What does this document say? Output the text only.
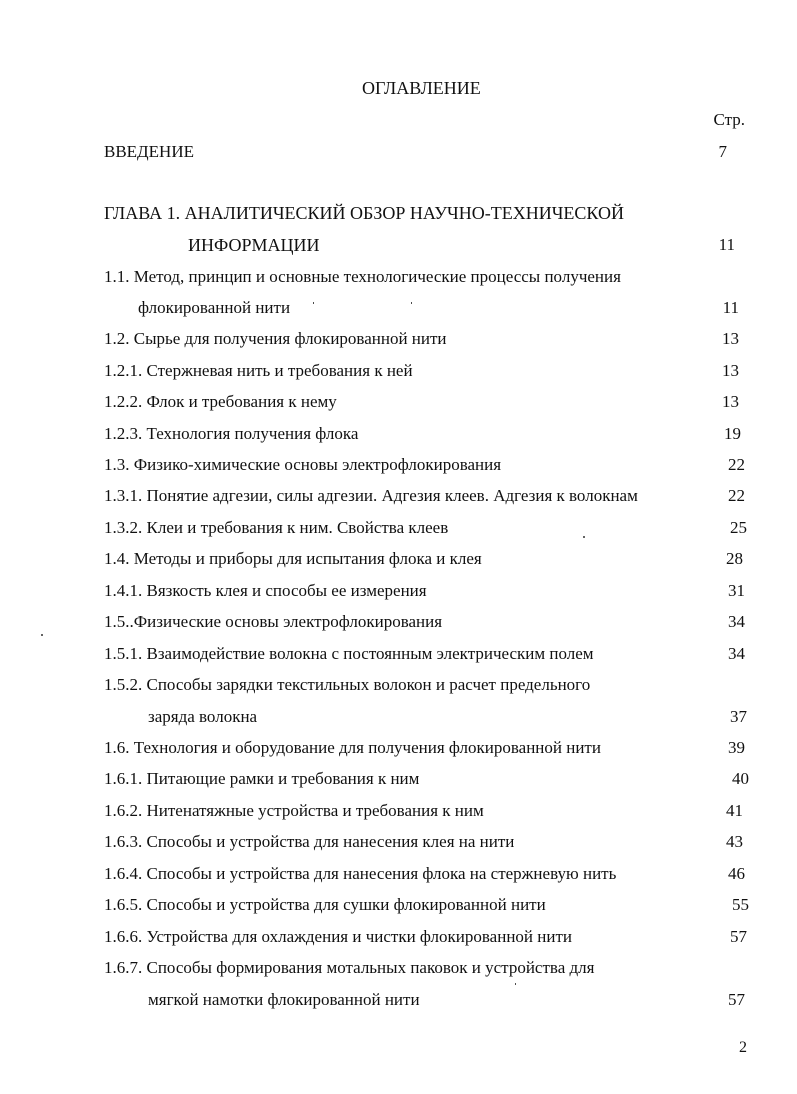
ОГЛАВЛЕНИЕ
Стр.
ВВЕДЕНИЕ	7
ГЛАВА 1. АНАЛИТИЧЕСКИЙ ОБЗОР НАУЧНО-ТЕХНИЧЕСКОЙ
ИНФОРМАЦИИ	11
1.1. Метод, принцип и основные технологические процессы получения
флокированной нити	11
1.2. Сырье для получения флокированной нити	13
1.2.1. Стержневая нить и требования к ней	13
1.2.2. Флок и требования к нему	13
1.2.3. Технология получения флока	19
1.3. Физико-химические основы электрофлокирования	22
1.3.1. Понятие адгезии, силы адгезии. Адгезия клеев. Адгезия к волокнам	22
1.3.2. Клеи и требования к ним. Свойства клеев	25
1.4. Методы и приборы для испытания флока и клея	28
1.4.1. Вязкость клея и способы ее измерения	31
1.5..Физические основы электрофлокирования	34
1.5.1. Взаимодействие волокна с постоянным электрическим полем	34
1.5.2. Способы зарядки текстильных волокон и расчет предельного
заряда волокна	37
1.6. Технология и оборудование для получения флокированной нити	39
1.6.1. Питающие рамки и требования к ним	40
1.6.2. Нитенатяжные устройства и требования к ним	41
1.6.3. Способы и устройства для нанесения клея на нити	43
1.6.4. Способы и устройства для нанесения флока на стержневую нить	46
1.6.5. Способы и устройства для сушки флокированной нити	55
1.6.6. Устройства для охлаждения и чистки флокированной нити	57
1.6.7. Способы формирования мотальных паковок и устройства для
мягкой намотки флокированной нити	57
2
